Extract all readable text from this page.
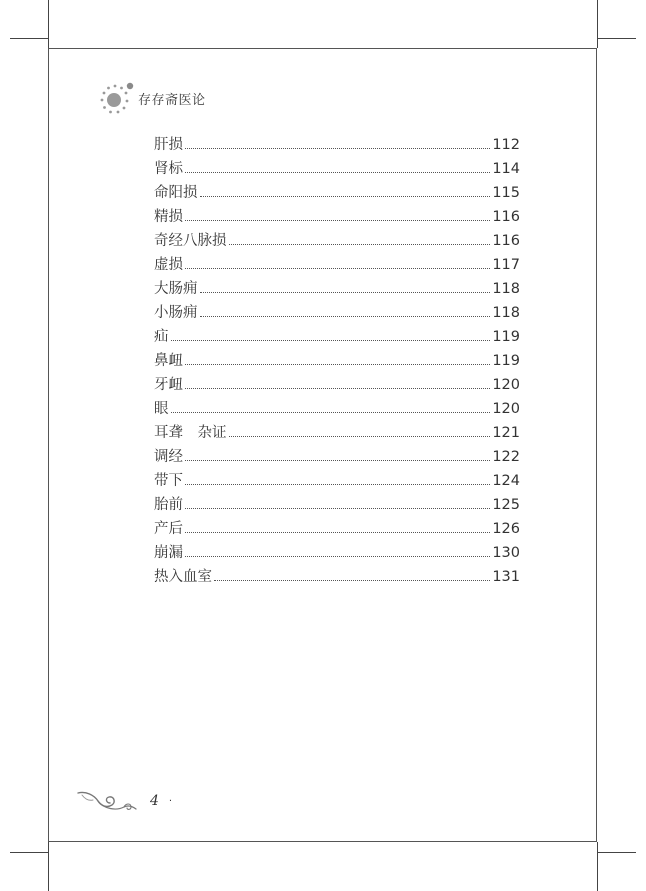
存存斋医论
肝损	112
肾标	114
命阳损	115
精损	116
奇经八脉损	116
虚损	117
大肠痈	118
小肠痈	118
疝	119
鼻衄	119
牙衄	120
眼	120
耳聋　杂证	121
调经	122
带下	124
胎前	125
产后	126
崩漏	130
热入血室	131
4 ·
